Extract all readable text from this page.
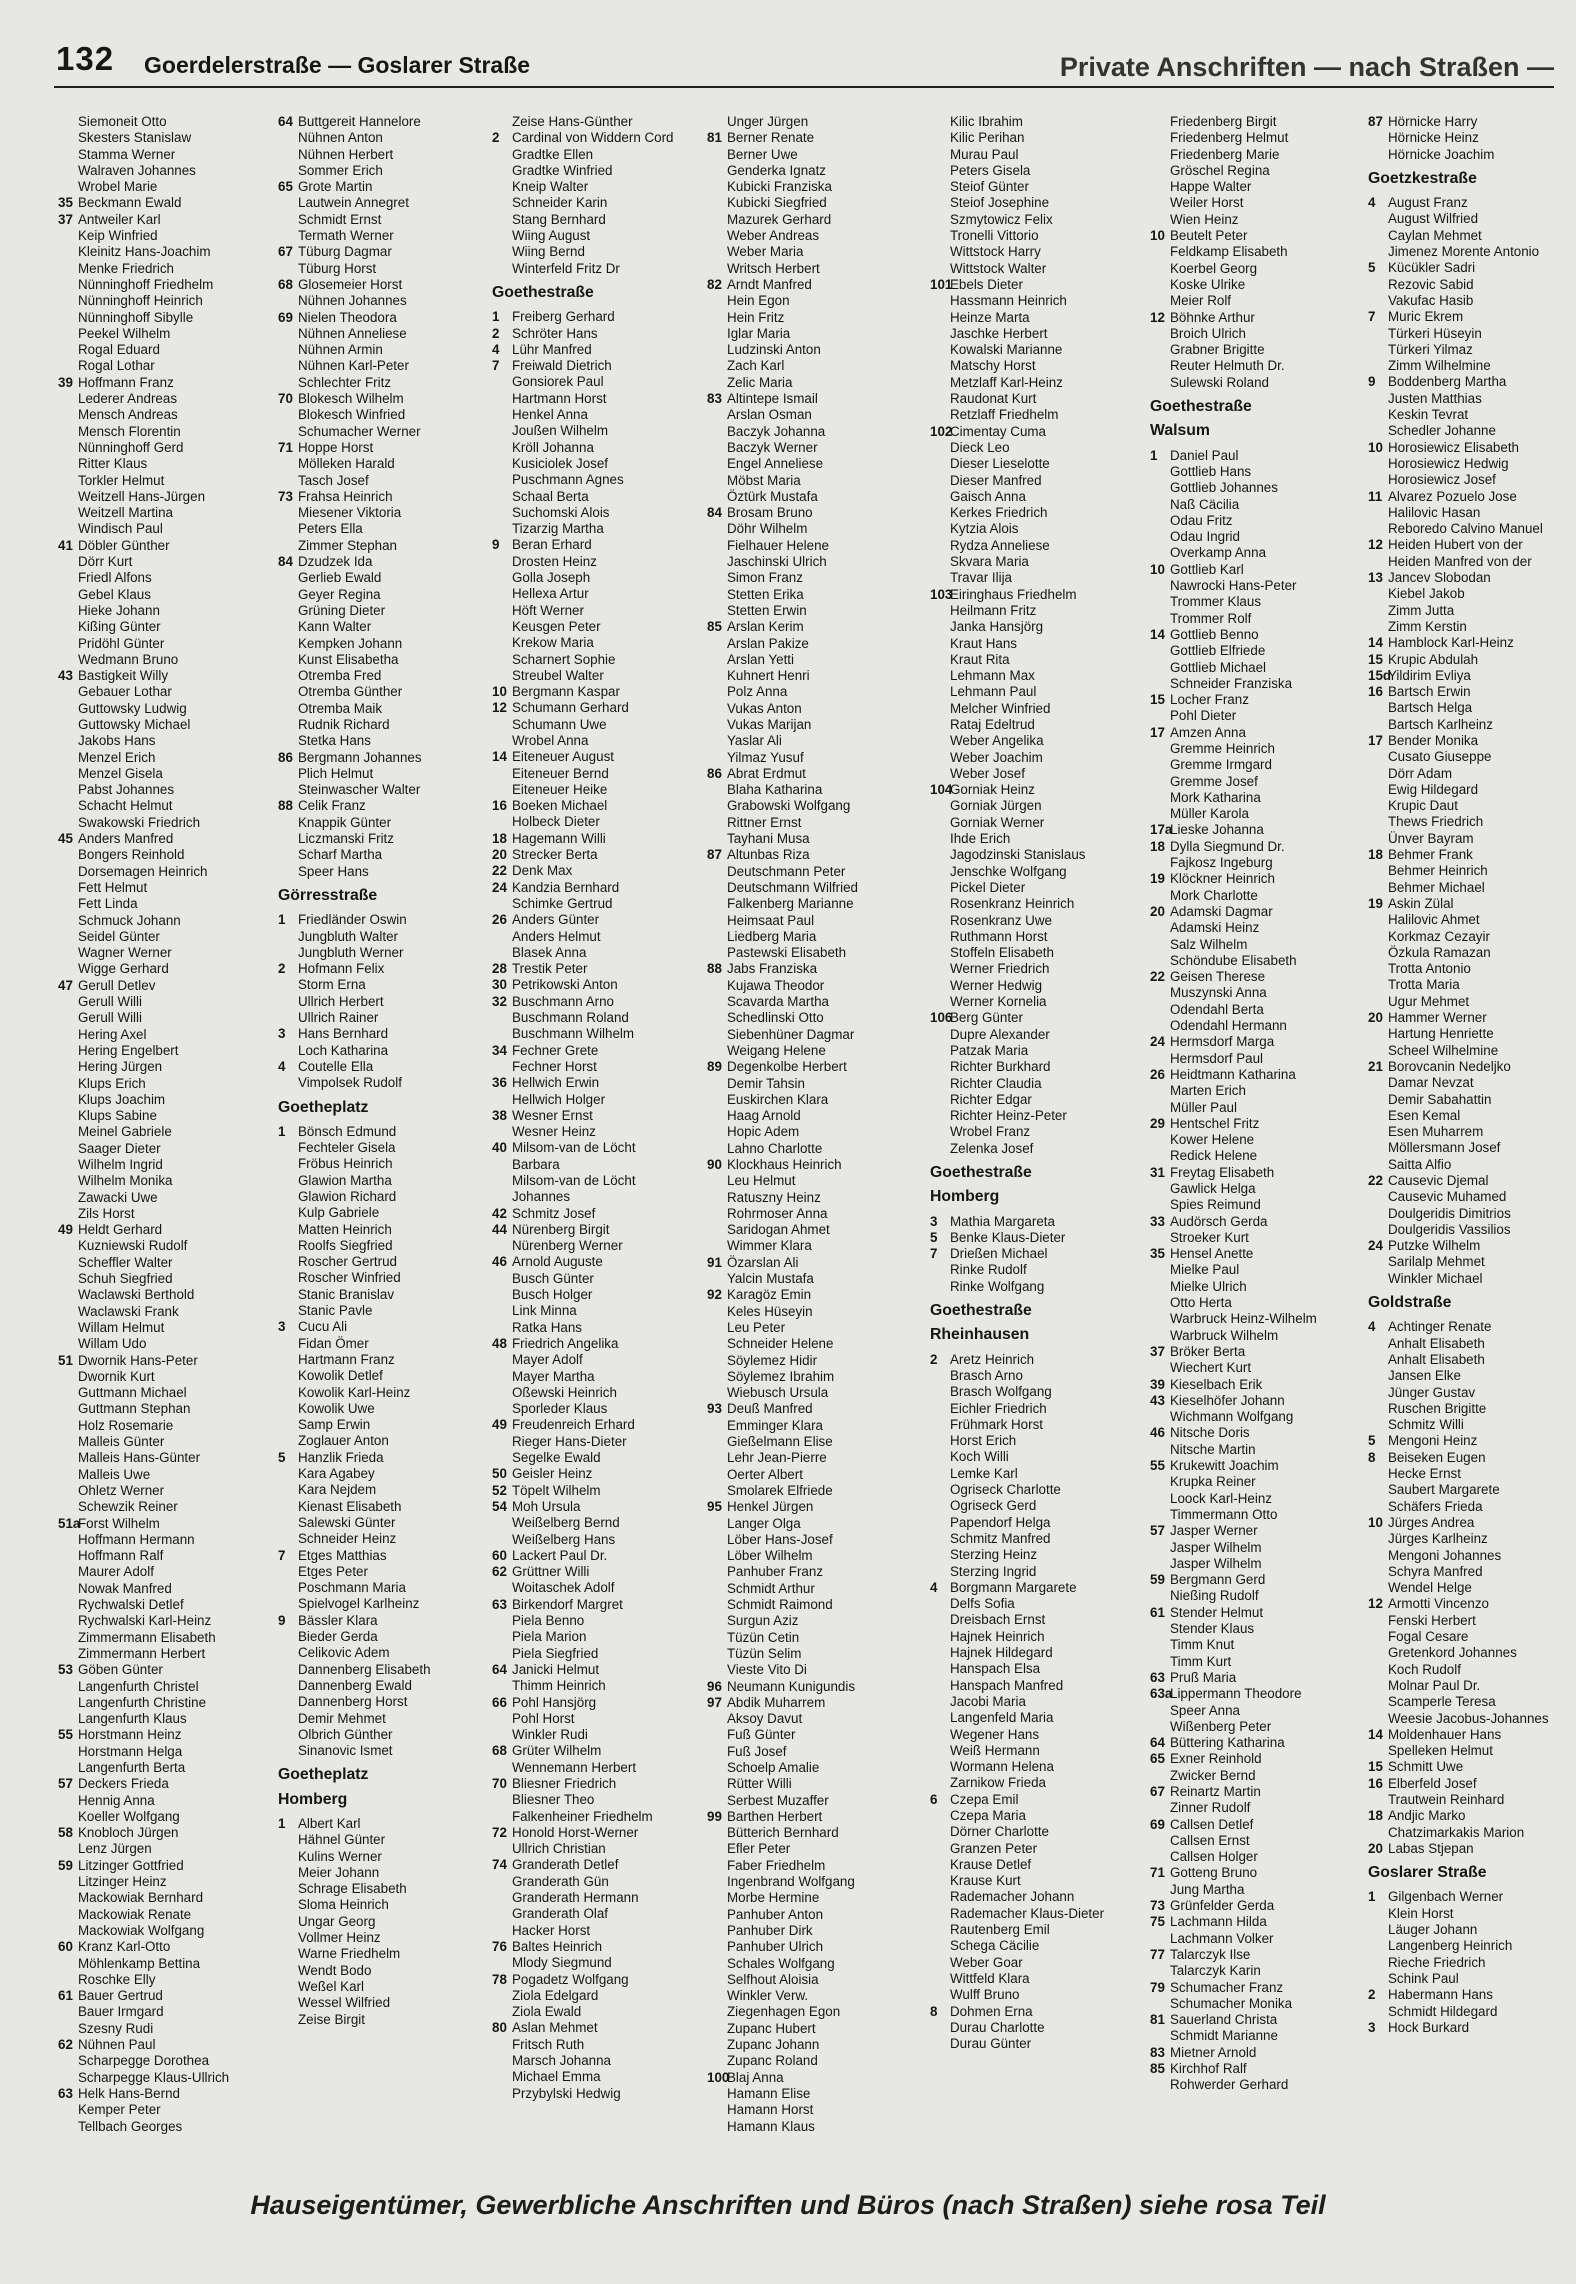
132 Goerdelerstraße — Goslarer Straße	Private Anschriften — nach Straßen —
Siemoneit Otto
Skesters Stanislaw
Stamma Werner
Walraven Johannes
Wrobel Marie
35 Beckmann Ewald
37 Antweiler Karl
Keip Winfried
Kleinitz Hans-Joachim
Menke Friedrich
Nünninghoff Friedhelm
Nünninghoff Heinrich
Nünninghoff Sibylle
Peekel Wilhelm
Rogal Eduard
Rogal Lothar
39 Hoffmann Franz
Lederer Andreas
Mensch Andreas
Mensch Florentin
Nünninghoff Gerd
Ritter Klaus
Torkler Helmut
Weitzell Hans-Jürgen
Weitzell Martina
Windisch Paul
41 Döbler Günther
Dörr Kurt
Friedl Alfons
Gebel Klaus
Hieke Johann
Kißing Günter
Pridöhl Günter
Wedmann Bruno
43 Bastigkeit Willy
Gebauer Lothar
Guttowsky Ludwig
Guttowsky Michael
Jakobs Hans
Menzel Erich
Menzel Gisela
Pabst Johannes
Schacht Helmut
Swakowski Friedrich
45 Anders Manfred
Bongers Reinhold
Dorsemagen Heinrich
Fett Helmut
Fett Linda
Schmuck Johann
Seidel Günter
Wagner Werner
Wigge Gerhard
47 Gerull Detlev
Gerull Willi
Gerull Willi
Hering Axel
Hering Engelbert
Hering Jürgen
Klups Erich
Klups Joachim
Klups Sabine
Meinel Gabriele
Saager Dieter
Wilhelm Ingrid
Wilhelm Monika
Zawacki Uwe
Zils Horst
49 Heldt Gerhard
Kuzniewski Rudolf
Scheffler Walter
Schuh Siegfried
Waclawski Berthold
Waclawski Frank
Willam Helmut
Willam Udo
51 Dwornik Hans-Peter
Dwornik Kurt
Guttmann Michael
Guttmann Stephan
Holz Rosemarie
Malleis Günter
Malleis Hans-Günter
Malleis Uwe
Ohletz Werner
Schewzik Reiner
51a
Forst Wilhelm
Hoffmann Hermann
Hoffmann Ralf
Maurer Adolf
Nowak Manfred
Rychwalski Detlef
Rychwalski Karl-Heinz
Zimmermann Elisabeth
Zimmermann Herbert
53 Göben Günter
Langenfurth Christel
Langenfurth Christine
Langenfurth Klaus
55 Horstmann Heinz
Horstmann Helga
Langenfurth Berta
57 Deckers Frieda
Hennig Anna
Koeller Wolfgang
58 Knobloch Jürgen
Lenz Jürgen
59 Litzinger Gottfried
Litzinger Heinz
Mackowiak Bernhard
Mackowiak Renate
Mackowiak Wolfgang
60 Kranz Karl-Otto
Möhlenkamp Bettina
Roschke Elly
61 Bauer Gertrud
Bauer Irmgard
Szesny Rudi
62 Nühnen Paul
Scharpegge Dorothea
Scharpegge Klaus-Ullrich
63 Helk Hans-Bernd
Kemper Peter
Tellbach Georges
64 Buttgereit Hannelore
Nühnen Anton
Nühnen Herbert
Sommer Erich
65 Grote Martin
Lautwein Annegret
Schmidt Ernst
Termath Werner
67 Tüburg Dagmar
Tüburg Horst
68 Glosemeier Horst
Nühnen Johannes
69 Nielen Theodora
Nühnen Anneliese
Nühnen Armin
Nühnen Karl-Peter
Schlechter Fritz
70 Blokesch Wilhelm
Blokesch Winfried
Schumacher Werner
71 Hoppe Horst
Mölleken Harald
Tasch Josef
73 Frahsa Heinrich
Miesener Viktoria
Peters Ella
Zimmer Stephan
84 Dzudzek Ida
Gerlieb Ewald
Geyer Regina
Grüning Dieter
Kann Walter
Kempken Johann
Kunst Elisabetha
Otremba Fred
Otremba Günther
Otremba Maik
Rudnik Richard
Stetka Hans
86 Bergmann Johannes
Plich Helmut
Steinwascher Walter
88 Celik Franz
Knappik Günter
Liczmanski Fritz
Scharf Martha
Speer Hans
Görresstraße
1 Friedländer Oswin
Jungbluth Walter
Jungbluth Werner
2 Hofmann Felix
Storm Erna
Ullrich Herbert
Ullrich Rainer
3 Hans Bernhard
Loch Katharina
4 Coutelle Ella
Vimpolsek Rudolf
Goetheplatz
1 Bönsch Edmund
Fechteler Gisela
Fröbus Heinrich
Glawion Martha
Glawion Richard
Kulp Gabriele
Matten Heinrich
Roolfs Siegfried
Roscher Gertrud
Roscher Winfried
Stanic Branislav
Stanic Pavle
3 Cucu Ali
Fidan Ömer
Hartmann Franz
Kowolik Detlef
Kowolik Karl-Heinz
Kowolik Uwe
Samp Erwin
Zoglauer Anton
5 Hanzlik Frieda
Kara Agabey
Kara Nejdem
Kienast Elisabeth
Salewski Günter
Schneider Heinz
7 Etges Matthias
Etges Peter
Poschmann Maria
Spielvogel Karlheinz
9 Bässler Klara
Bieder Gerda
Celikovic Adem
Dannenberg Elisabeth
Dannenberg Ewald
Dannenberg Horst
Demir Mehmet
Olbrich Günther
Sinanovic Ismet
Goetheplatz
Homberg
1 Albert Karl
Hähnel Günter
Kulins Werner
Meier Johann
Schrage Elisabeth
Sloma Heinrich
Ungar Georg
Vollmer Heinz
Warne Friedhelm
Wendt Bodo
Weßel Karl
Wessel Wilfried
Zeise Birgit
Zeise Hans-Günther
2 Cardinal von Widdern Cord
Gradtke Ellen
Gradtke Winfried
Kneip Walter
Schneider Karin
Stang Bernhard
Wiing August
Wiing Bernd
Winterfeld Fritz Dr
Goethestraße
1 Freiberg Gerhard
2 Schröter Hans
4 Lühr Manfred
7 Freiwald Dietrich
Gonsiorek Paul
Hartmann Horst
Henkel Anna
Joußen Wilhelm
Kröll Johanna
Kusiciolek Josef
Puschmann Agnes
Schaal Berta
Suchomski Alois
Tizarzig Martha
9 Beran Erhard
Drosten Heinz
Golla Joseph
Hellexa Artur
Höft Werner
Keusgen Peter
Krekow Maria
Scharnert Sophie
Streubel Walter
10 Bergmann Kaspar
12 Schumann Gerhard
Schumann Uwe
Wrobel Anna
14 Eiteneuer August
Eiteneuer Bernd
Eiteneuer Heike
16 Boeken Michael
Holbeck Dieter
18 Hagemann Willi
20 Strecker Berta
22 Denk Max
24 Kandzia Bernhard
Schimke Gertrud
26 Anders Günter
Anders Helmut
Blasek Anna
28 Trestik Peter
30 Petrikowski Anton
32 Buschmann Arno
Buschmann Roland
Buschmann Wilhelm
34 Fechner Grete
Fechner Horst
36 Hellwich Erwin
Hellwich Holger
38 Wesner Ernst
Wesner Heinz
40 Milsom-van de Löcht
Barbara
Milsom-van de Löcht
Johannes
42 Schmitz Josef
44 Nürenberg Birgit
Nürenberg Werner
46 Arnold Auguste
Busch Günter
Busch Holger
Link Minna
Ratka Hans
48 Friedrich Angelika
Mayer Adolf
Mayer Martha
Oßewski Heinrich
Sporleder Klaus
49 Freudenreich Erhard
Rieger Hans-Dieter
Segelke Ewald
50 Geisler Heinz
52 Töpelt Wilhelm
54 Moh Ursula
Weißelberg Bernd
Weißelberg Hans
60 Lackert Paul Dr.
62 Grüttner Willi
Woitaschek Adolf
63 Birkendorf Margret
Piela Benno
Piela Marion
Piela Siegfried
64 Janicki Helmut
Thimm Heinrich
66 Pohl Hansjörg
Pohl Horst
Winkler Rudi
68 Grüter Wilhelm
Wennemann Herbert
70 Bliesner Friedrich
Bliesner Theo
Falkenheiner Friedhelm
72 Honold Horst-Werner
Ullrich Christian
74 Granderath Detlef
Granderath Gün
Granderath Hermann
Granderath Olaf
Hacker Horst
76 Baltes Heinrich
Mlody Siegmund
78 Pogadetz Wolfgang
Ziola Edelgard
Ziola Ewald
80 Aslan Mehmet
Fritsch Ruth
Marsch Johanna
Michael Emma
Przybylski Hedwig
Unger Jürgen
81 Berner Renate
Berner Uwe
Genderka Ignatz
Kubicki Franziska
Kubicki Siegfried
Mazurek Gerhard
Weber Andreas
Weber Maria
Writsch Herbert
82 Arndt Manfred
Hein Egon
Hein Fritz
Iglar Maria
Ludzinski Anton
Zach Karl
Zelic Maria
83 Altintepe Ismail
Arslan Osman
Baczyk Johanna
Baczyk Werner
Engel Anneliese
Möbst Maria
Öztürk Mustafa
84 Brosam Bruno
Döhr Wilhelm
Fielhauer Helene
Jaschinski Ulrich
Simon Franz
Stetten Erika
Stetten Erwin
85 Arslan Kerim
Arslan Pakize
Arslan Yetti
Kuhnert Henri
Polz Anna
Vukas Anton
Vukas Marijan
Yaslar Ali
Yilmaz Yusuf
86 Abrat Erdmut
Blaha Katharina
Grabowski Wolfgang
Rittner Ernst
Tayhani Musa
87 Altunbas Riza
Deutschmann Peter
Deutschmann Wilfried
Falkenberg Marianne
Heimsaat Paul
Liedberg Maria
Pastewski Elisabeth
88 Jabs Franziska
Kujawa Theodor
Scavarda Martha
Schedlinski Otto
Siebenhüner Dagmar
Weigang Helene
89 Degenkolbe Herbert
Demir Tahsin
Euskirchen Klara
Haag Arnold
Hopic Adem
Lahno Charlotte
90 Klockhaus Heinrich
Leu Helmut
Ratuszny Heinz
Rohrmoser Anna
Saridogan Ahmet
Wimmer Klara
91 Özarslan Ali
Yalcin Mustafa
92 Karagöz Emin
Keles Hüseyin
Leu Peter
Schneider Helene
Söylemez Hidir
Söylemez Ibrahim
Wiebusch Ursula
93 Deuß Manfred
Emminger Klara
Gießelmann Elise
Lehr Jean-Pierre
Oerter Albert
Smolarek Elfriede
95 Henkel Jürgen
Langer Olga
Löber Hans-Josef
Löber Wilhelm
Panhuber Franz
Schmidt Arthur
Schmidt Raimond
Surgun Aziz
Tüzün Cetin
Tüzün Selim
Vieste Vito Di
96 Neumann Kunigundis
97 Abdik Muharrem
Aksoy Davut
Fuß Günter
Fuß Josef
Schoelp Amalie
Rütter Willi
Serbest Muzaffer
99 Barthen Herbert
Bütterich Bernhard
Efler Peter
Faber Friedhelm
Ingenbrand Wolfgang
Morbe Hermine
Panhuber Anton
Panhuber Dirk
Panhuber Ulrich
Schales Wolfgang
Selfhout Aloisia
Winkler Verw.
Ziegenhagen Egon
Zupanc Hubert
Zupanc Johann
Zupanc Roland
100
Blaj Anna
Hamann Elise
Hamann Horst
Hamann Klaus
Kilic Ibrahim
Kilic Perihan
Murau Paul
Peters Gisela
Steiof Günter
Steiof Josephine
Szmytowicz Felix
Tronelli Vittorio
Wittstock Harry
Wittstock Walter
101
Ebels Dieter
Hassmann Heinrich
Heinze Marta
Jaschke Herbert
Kowalski Marianne
Matschy Horst
Metzlaff Karl-Heinz
Raudonat Kurt
Retzlaff Friedhelm
102
Cimentay Cuma
Dieck Leo
Dieser Lieselotte
Dieser Manfred
Gaisch Anna
Kerkes Friedrich
Kytzia Alois
Rydza Anneliese
Skvara Maria
Travar Ilija
103
Eiringhaus Friedhelm
Heilmann Fritz
Janka Hansjörg
Kraut Hans
Kraut Rita
Lehmann Max
Lehmann Paul
Melcher Winfried
Rataj Edeltrud
Weber Angelika
Weber Joachim
Weber Josef
104
Gorniak Heinz
Gorniak Jürgen
Gorniak Werner
Ihde Erich
Jagodzinski Stanislaus
Jenschke Wolfgang
Pickel Dieter
Rosenkranz Heinrich
Rosenkranz Uwe
Ruthmann Horst
Stoffeln Elisabeth
Werner Friedrich
Werner Hedwig
Werner Kornelia
106
Berg Günter
Dupre Alexander
Patzak Maria
Richter Burkhard
Richter Claudia
Richter Edgar
Richter Heinz-Peter
Wrobel Franz
Zelenka Josef
Goethestraße
Homberg
3 Mathia Margareta
5 Benke Klaus-Dieter
7 Drießen Michael
Rinke Rudolf
Rinke Wolfgang
Goethestraße
Rheinhausen
2 Aretz Heinrich
Brasch Arno
Brasch Wolfgang
Eichler Friedrich
Frühmark Horst
Horst Erich
Koch Willi
Lemke Karl
Ogriseck Charlotte
Ogriseck Gerd
Papendorf Helga
Schmitz Manfred
Sterzing Heinz
Sterzing Ingrid
4 Borgmann Margarete
Delfs Sofia
Dreisbach Ernst
Hajnek Heinrich
Hajnek Hildegard
Hanspach Elsa
Hanspach Manfred
Jacobi Maria
Langenfeld Maria
Wegener Hans
Weiß Hermann
Wormann Helena
Zarnikow Frieda
6 Czepa Emil
Czepa Maria
Dörner Charlotte
Granzen Peter
Krause Detlef
Krause Kurt
Rademacher Johann
Rademacher Klaus-Dieter
Rautenberg Emil
Schega Cäcilie
Weber Goar
Wittfeld Klara
Wulff Bruno
8 Dohmen Erna
Durau Charlotte
Durau Günter
Friedenberg Birgit
Friedenberg Helmut
Friedenberg Marie
Gröschel Regina
Happe Walter
Weiler Horst
Wien Heinz
10 Beutelt Peter
Feldkamp Elisabeth
Koerbel Georg
Koske Ulrike
Meier Rolf
12 Böhnke Arthur
Broich Ulrich
Grabner Brigitte
Reuter Helmuth Dr.
Sulewski Roland
Goethestraße
Walsum
1 Daniel Paul
Gottlieb Hans
Gottlieb Johannes
Naß Cäcilia
Odau Fritz
Odau Ingrid
Overkamp Anna
10 Gottlieb Karl
Nawrocki Hans-Peter
Trommer Klaus
Trommer Rolf
14 Gottlieb Benno
Gottlieb Elfriede
Gottlieb Michael
Schneider Franziska
15 Locher Franz
Pohl Dieter
17 Amzen Anna
Gremme Heinrich
Gremme Irmgard
Gremme Josef
Mork Katharina
Müller Karola
17a
Lieske Johanna
18 Dylla Siegmund Dr.
Fajkosz Ingeburg
19 Klöckner Heinrich
Mork Charlotte
20 Adamski Dagmar
Adamski Heinz
Salz Wilhelm
Schöndube Elisabeth
22 Geisen Therese
Muszynski Anna
Odendahl Berta
Odendahl Hermann
24 Hermsdorf Marga
Hermsdorf Paul
26 Heidtmann Katharina
Marten Erich
Müller Paul
29 Hentschel Fritz
Kower Helene
Redick Helene
31 Freytag Elisabeth
Gawlick Helga
Spies Reimund
33 Audörsch Gerda
Stroeker Kurt
35 Hensel Anette
Mielke Paul
Mielke Ulrich
Otto Herta
Warbruck Heinz-Wilhelm
Warbruck Wilhelm
37 Bröker Berta
Wiechert Kurt
39 Kieselbach Erik
43 Kieselhöfer Johann
Wichmann Wolfgang
46 Nitsche Doris
Nitsche Martin
55 Krukewitt Joachim
Krupka Reiner
Loock Karl-Heinz
Timmermann Otto
57 Jasper Werner
Jasper Wilhelm
Jasper Wilhelm
59 Bergmann Gerd
Nießing Rudolf
61 Stender Helmut
Stender Klaus
Timm Knut
Timm Kurt
63 Pruß Maria
63a
Lippermann Theodore
Speer Anna
Wißenberg Peter
64 Büttering Katharina
65 Exner Reinhold
Zwicker Bernd
67 Reinartz Martin
Zinner Rudolf
69 Callsen Detlef
Callsen Ernst
Callsen Holger
71 Gotteng Bruno
Jung Martha
73 Grünfelder Gerda
75 Lachmann Hilda
Lachmann Volker
77 Talarczyk Ilse
Talarczyk Karin
79 Schumacher Franz
Schumacher Monika
81 Sauerland Christa
Schmidt Marianne
83 Mietner Arnold
85 Kirchhof Ralf
Rohwerder Gerhard
87 Hörnicke Harry
Hörnicke Heinz
Hörnicke Joachim
Goetzkestraße
4 August Franz
August Wilfried
Caylan Mehmet
Jimenez Morente Antonio
5 Kücükler Sadri
Rezovic Sabid
Vakufac Hasib
7 Muric Ekrem
Türkeri Hüseyin
Türkeri Yilmaz
Zimm Wilhelmine
9 Boddenberg Martha
Justen Matthias
Keskin Tevrat
Schedler Johanne
10 Horosiewicz Elisabeth
Horosiewicz Hedwig
Horosiewicz Josef
11 Alvarez Pozuelo Jose
Halilovic Hasan
Reboredo Calvino Manuel
12 Heiden Hubert von der
Heiden Manfred von der
13 Jancev Slobodan
Kiebel Jakob
Zimm Jutta
Zimm Kerstin
14 Hamblock Karl-Heinz
15 Krupic Abdulah
15d
Yildirim Evliya
16 Bartsch Erwin
Bartsch Helga
Bartsch Karlheinz
17 Bender Monika
Cusato Giuseppe
Dörr Adam
Ewig Hildegard
Krupic Daut
Thews Friedrich
Ünver Bayram
18 Behmer Frank
Behmer Heinrich
Behmer Michael
19 Askin Zülal
Halilovic Ahmet
Korkmaz Cezayir
Özkula Ramazan
Trotta Antonio
Trotta Maria
Ugur Mehmet
20 Hammer Werner
Hartung Henriette
Scheel Wilhelmine
21 Borovcanin Nedeljko
Damar Nevzat
Demir Sabahattin
Esen Kemal
Esen Muharrem
Möllersmann Josef
Saitta Alfio
22 Causevic Djemal
Causevic Muhamed
Doulgeridis Dimitrios
Doulgeridis Vassilios
24 Putzke Wilhelm
Sarilalp Mehmet
Winkler Michael
Goldstraße
4 Achtinger Renate
Anhalt Elisabeth
Anhalt Elisabeth
Jansen Elke
Jünger Gustav
Ruschen Brigitte
Schmitz Willi
5 Mengoni Heinz
8 Beiseken Eugen
Hecke Ernst
Saubert Margarete
Schäfers Frieda
10 Jürges Andrea
Jürges Karlheinz
Mengoni Johannes
Schyra Manfred
Wendel Helge
12 Armotti Vincenzo
Fenski Herbert
Fogal Cesare
Gretenkord Johannes
Koch Rudolf
Molnar Paul Dr.
Scamperle Teresa
Weesie Jacobus-Johannes
14 Moldenhauer Hans
Spelleken Helmut
15 Schmitt Uwe
16 Elberfeld Josef
Trautwein Reinhard
18 Andjic Marko
Chatzimarkakis Marion
20 Labas Stjepan
Goslarer Straße
1 Gilgenbach Werner
Klein Horst
Läuger Johann
Langenberg Heinrich
Rieche Friedrich
Schink Paul
2 Habermann Hans
Schmidt Hildegard
3 Hock Burkard
Hauseigentümer, Gewerbliche Anschriften und Büros (nach Straßen) siehe rosa Teil
